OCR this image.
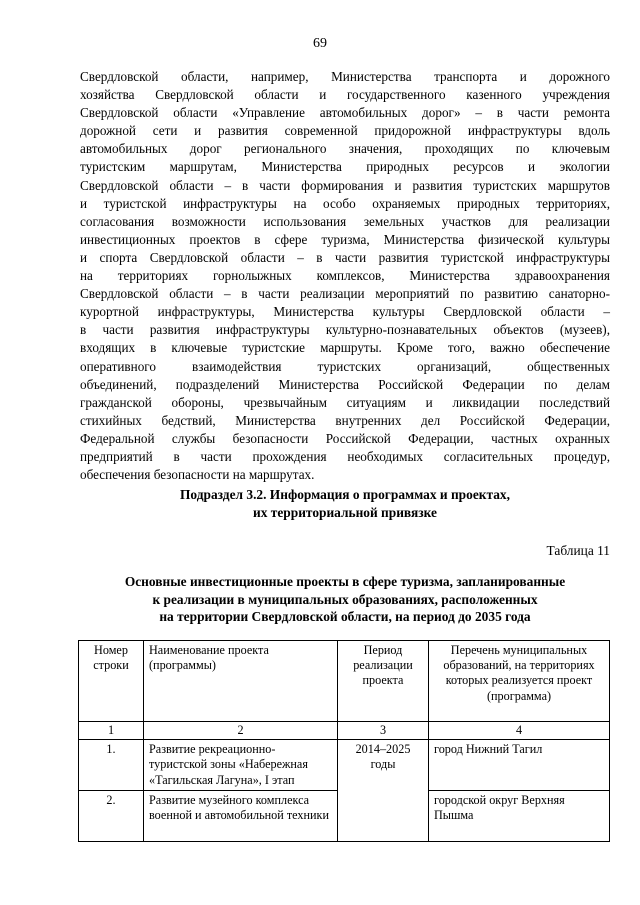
69
Свердловской области, например, Министерства транспорта и дорожного
хозяйства Свердловской области и государственного казенного учреждения
Свердловской области «Управление автомобильных дорог» – в части ремонта
дорожной сети и развития современной придорожной инфраструктуры вдоль
автомобильных дорог регионального значения, проходящих по ключевым
туристским маршрутам, Министерства природных ресурсов и экологии
Свердловской области – в части формирования и развития туристских маршрутов
и туристской инфраструктуры на особо охраняемых природных территориях,
согласования возможности использования земельных участков для реализации
инвестиционных проектов в сфере туризма, Министерства физической культуры
и спорта Свердловской области – в части развития туристской инфраструктуры
на территориях горнолыжных комплексов, Министерства здравоохранения
Свердловской области – в части реализации мероприятий по развитию санаторно-
курортной инфраструктуры, Министерства культуры Свердловской области –
в части развития инфраструктуры культурно-познавательных объектов (музеев),
входящих в ключевые туристские маршруты. Кроме того, важно обеспечение
оперативного взаимодействия туристских организаций, общественных
объединений, подразделений Министерства Российской Федерации по делам
гражданской обороны, чрезвычайным ситуациям и ликвидации последствий
стихийных бедствий, Министерства внутренних дел Российской Федерации,
Федеральной службы безопасности Российской Федерации, частных охранных
предприятий в части прохождения необходимых согласительных процедур,
обеспечения безопасности на маршрутах.
Подраздел 3.2. Информация о программах и проектах,
их территориальной привязке
Таблица 11
Основные инвестиционные проекты в сфере туризма, запланированные
к реализации в муниципальных образованиях, расположенных
на территории Свердловской области, на период до 2035 года
Номер строки	Наименование проекта (программы)	Период реализации проекта	Перечень муниципальных образований, на территориях которых реализуется проект (программа)
1	2	3	4
1.	Развитие рекреационно-туристской зоны «Набережная «Тагильская Лагуна», I этап	2014–2025 годы	город Нижний Тагил
2.	Развитие музейного комплекса военной и автомобильной техники		городской округ Верхняя Пышма
